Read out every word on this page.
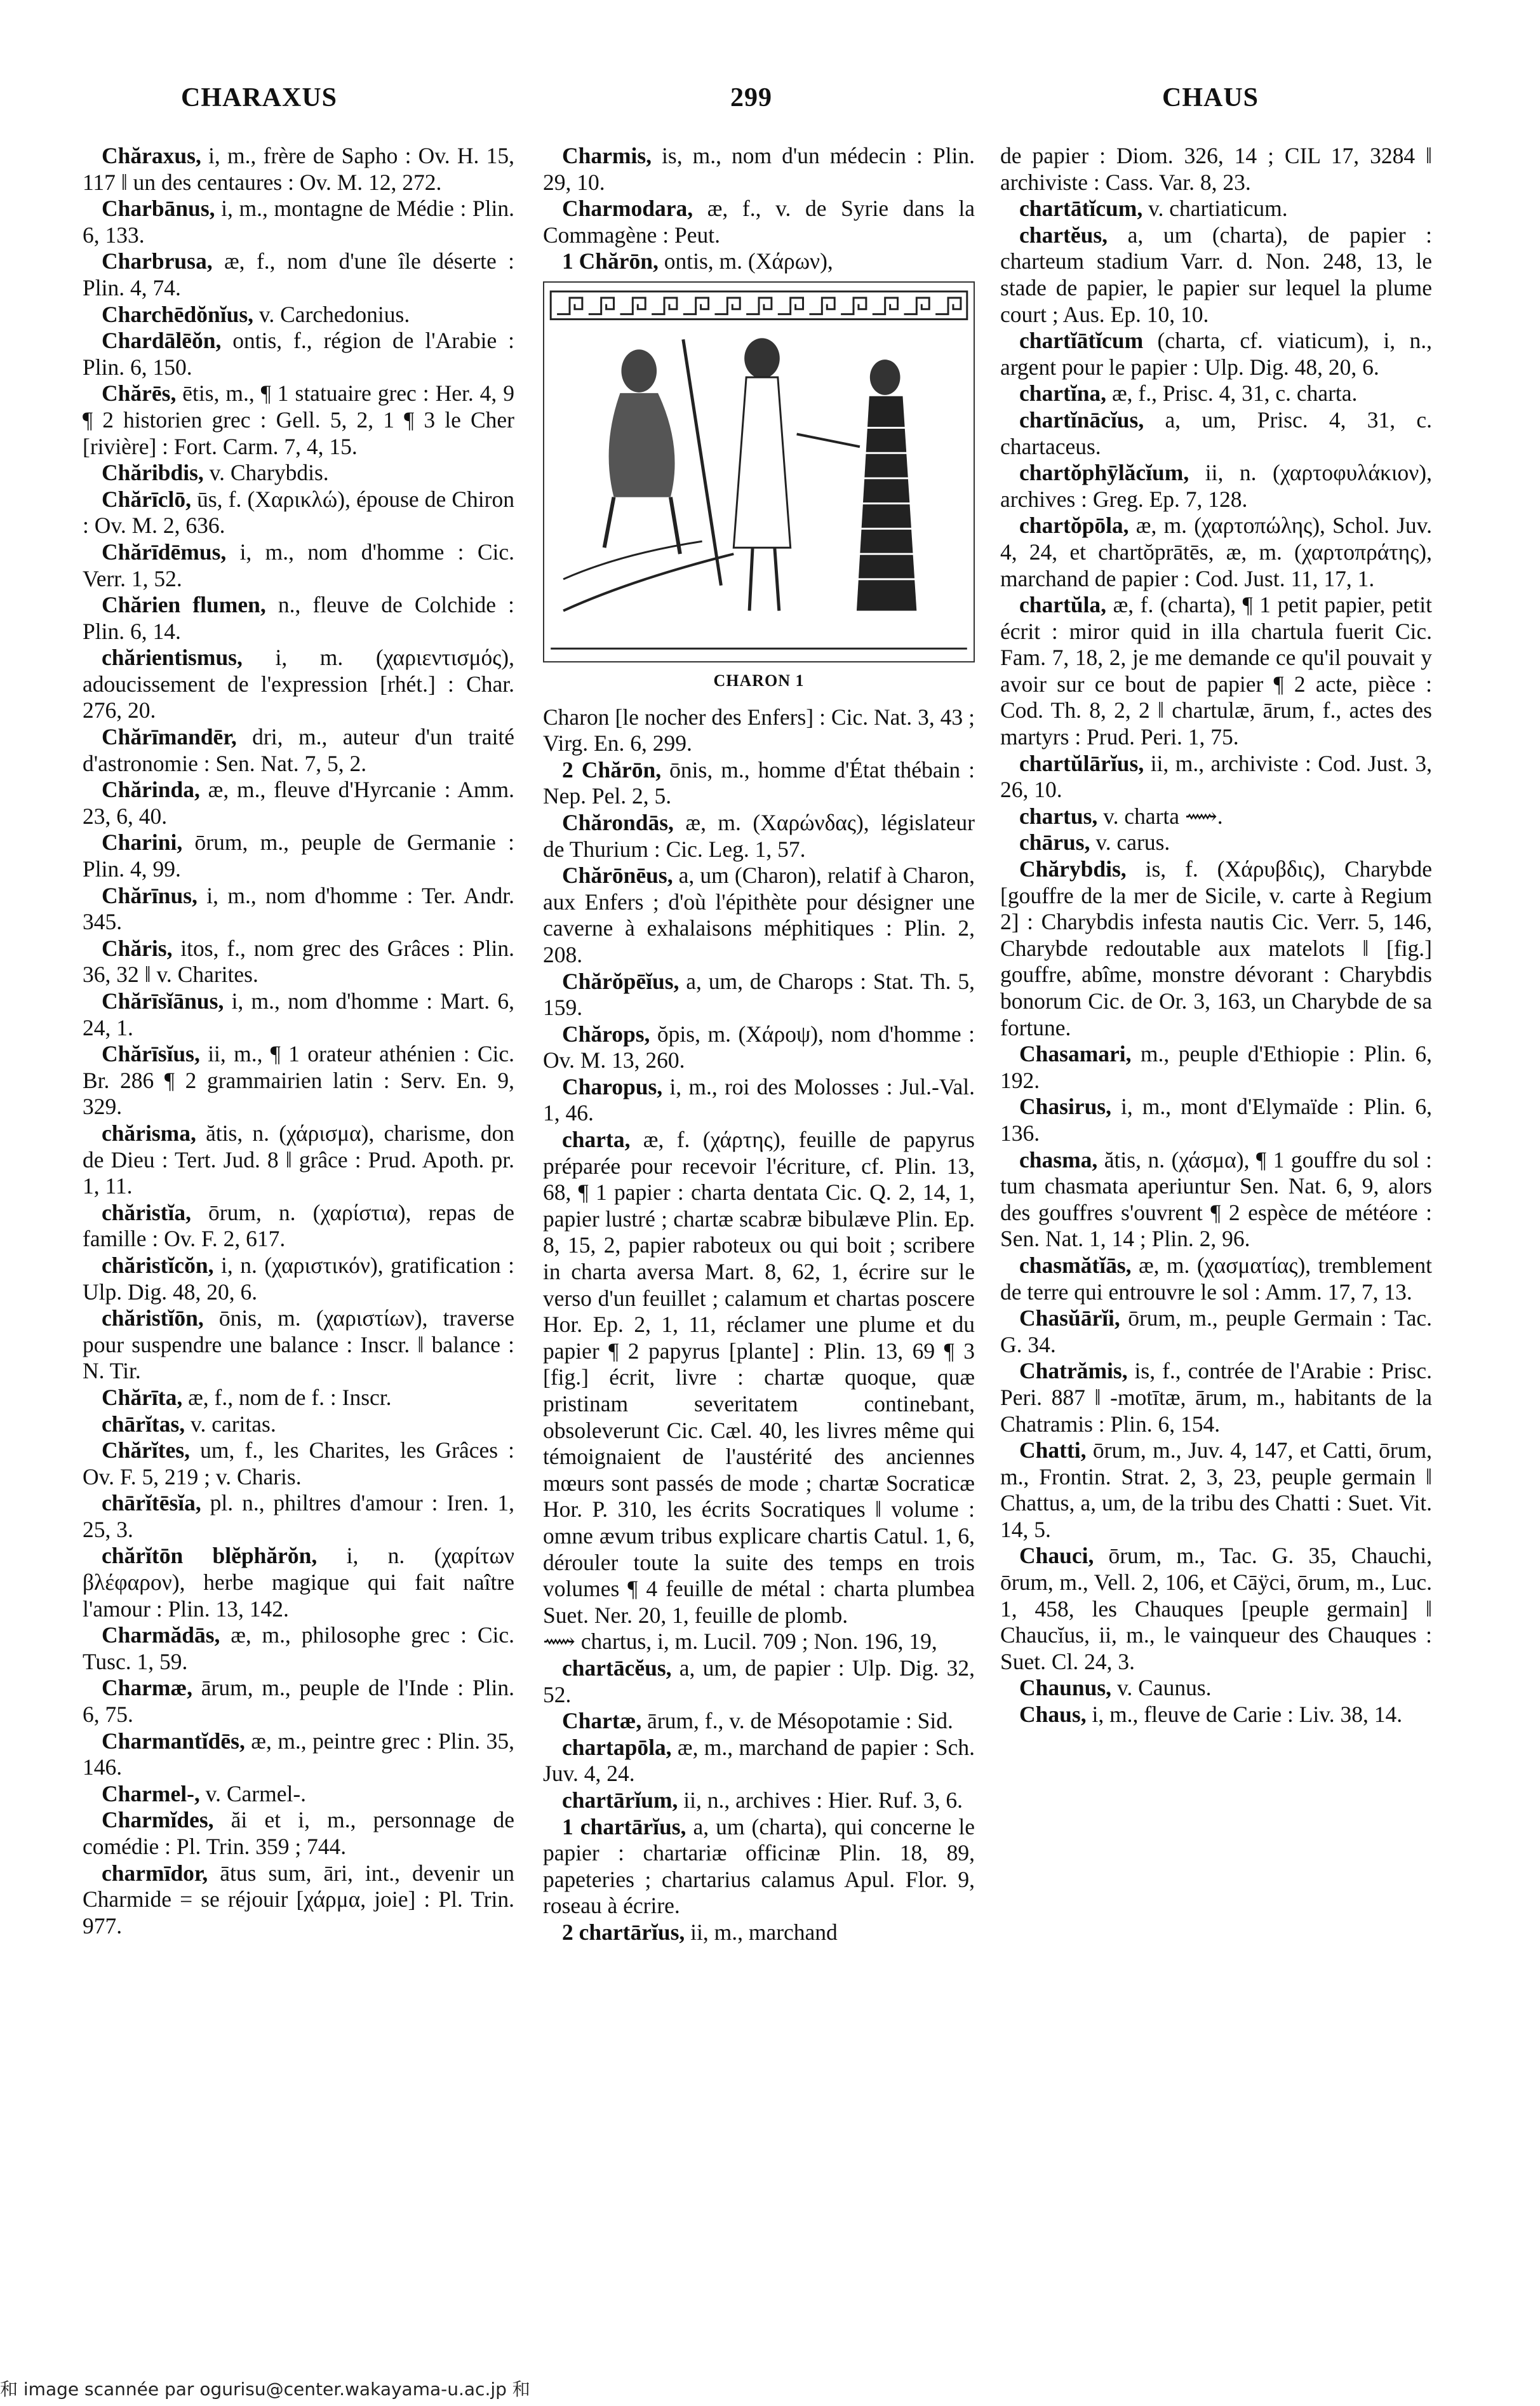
CHARAXUS	299	CHAUS

Chăraxus, i, m., frère de Sapho : Ov. H. 15, 117 ‖ un des centaures : Ov. M. 12, 272.

Charbānus, i, m., montagne de Médie : Plin. 6, 133.

Charbrusa, æ, f., nom d'une île déserte : Plin. 4, 74.

Charchēdŏnĭus, v. Carchedonius.

Chardālēŏn, ontis, f., région de l'Arabie : Plin. 6, 150.

Chărēs, ētis, m., ¶ 1 statuaire grec : Her. 4, 9 ¶ 2 historien grec : Gell. 5, 2, 1 ¶ 3 le Cher [rivière] : Fort. Carm. 7, 4, 15.

Chăribdis, v. Charybdis.

Chărīclō, ūs, f. (Χαρικλώ), épouse de Chiron : Ov. M. 2, 636.

Chărīdēmus, i, m., nom d'homme : Cic. Verr. 1, 52.

Chărien flumen, n., fleuve de Colchide : Plin. 6, 14.

chărientismus, i, m. (χαριεντισμός), adoucissement de l'expression [rhét.] : Char. 276, 20.

Chărīmandēr, dri, m., auteur d'un traité d'astronomie : Sen. Nat. 7, 5, 2.

Chărinda, æ, m., fleuve d'Hyrcanie : Amm. 23, 6, 40.

Charini, ōrum, m., peuple de Germanie : Plin. 4, 99.

Chărīnus, i, m., nom d'homme : Ter. Andr. 345.

Chăris, itos, f., nom grec des Grâces : Plin. 36, 32 ‖ v. Charites.

Chărīsĭānus, i, m., nom d'homme : Mart. 6, 24, 1.

Chărīsĭus, ii, m., ¶ 1 orateur athénien : Cic. Br. 286 ¶ 2 grammairien latin : Serv. En. 9, 329.

chărisma, ătis, n. (χάρισμα), charisme, don de Dieu : Tert. Jud. 8 ‖ grâce : Prud. Apoth. pr. 1, 11.

chăristĭa, ōrum, n. (χαρίστια), repas de famille : Ov. F. 2, 617.

chăristĭcŏn, i, n. (χαριστικόν), gratification : Ulp. Dig. 48, 20, 6.

chăristĭōn, ōnis, m. (χαριστίων), traverse pour suspendre une balance : Inscr. ‖ balance : N. Tir.

Chărīta, æ, f., nom de f. : Inscr.

chārĭtas, v. caritas.

Chărĭtes, um, f., les Charites, les Grâces : Ov. F. 5, 219 ; v. Charis.

chārĭtēsĭa, pl. n., philtres d'amour : Iren. 1, 25, 3.

chărĭtōn blĕphărŏn, i, n. (χαρίτων βλέφαρον), herbe magique qui fait naître l'amour : Plin. 13, 142.

Charmădās, æ, m., philosophe grec : Cic. Tusc. 1, 59.

Charmæ, ārum, m., peuple de l'Inde : Plin. 6, 75.

Charmantĭdēs, æ, m., peintre grec : Plin. 35, 146.

Charmel-, v. Carmel-.

Charmĭdes, ăi et i, m., personnage de comédie : Pl. Trin. 359 ; 744.

charmīdor, ātus sum, āri, int., devenir un Charmide = se réjouir [χάρμα, joie] : Pl. Trin. 977.

Charmis, is, m., nom d'un médecin : Plin. 29, 10.

Charmodara, æ, f., v. de Syrie dans la Commagène : Peut.

1 Chărōn, ontis, m. (Χάρων),

CHARON 1

Charon [le nocher des Enfers] : Cic. Nat. 3, 43 ; Virg. En. 6, 299.

2 Chărōn, ōnis, m., homme d'État thébain : Nep. Pel. 2, 5.

Chărondās, æ, m. (Χαρώνδας), législateur de Thurium : Cic. Leg. 1, 57.

Chărōnēus, a, um (Charon), relatif à Charon, aux Enfers ; d'où l'épithète pour désigner une caverne à exhalaisons méphitiques : Plin. 2, 208.

Chărŏpēĭus, a, um, de Charops : Stat. Th. 5, 159.

Chărops, ŏpis, m. (Χάροψ), nom d'homme : Ov. M. 13, 260.

Charopus, i, m., roi des Molosses : Jul.-Val. 1, 46.

charta, æ, f. (χάρτης), feuille de papyrus préparée pour recevoir l'écriture, cf. Plin. 13, 68, ¶ 1 papier : charta dentata Cic. Q. 2, 14, 1, papier lustré ; chartæ scabræ bibulæve Plin. Ep. 8, 15, 2, papier raboteux ou qui boit ; scribere in charta aversa Mart. 8, 62, 1, écrire sur le verso d'un feuillet ; calamum et chartas poscere Hor. Ep. 2, 1, 11, réclamer une plume et du papier ¶ 2 papyrus [plante] : Plin. 13, 69 ¶ 3 [fig.] écrit, livre : chartæ quoque, quæ pristinam severitatem continebant, obsoleverunt Cic. Cæl. 40, les livres même qui témoignaient de l'austérité des anciennes mœurs sont passés de mode ; chartæ Socraticæ Hor. P. 310, les écrits Socratiques ‖ volume : omne ævum tribus explicare chartis Catul. 1, 6, dérouler toute la suite des temps en trois volumes ¶ 4 feuille de métal : charta plumbea Suet. Ner. 20, 1, feuille de plomb.

⟿ chartus, i, m. Lucil. 709 ; Non. 196, 19,

chartācĕus, a, um, de papier : Ulp. Dig. 32, 52.

Chartæ, ārum, f., v. de Mésopotamie : Sid.

chartapōla, æ, m., marchand de papier : Sch. Juv. 4, 24.

chartārĭum, ii, n., archives : Hier. Ruf. 3, 6.

1 chartārĭus, a, um (charta), qui concerne le papier : chartariæ officinæ Plin. 18, 89, papeteries ; chartarius calamus Apul. Flor. 9, roseau à écrire.

2 chartārĭus, ii, m., marchand

de papier : Diom. 326, 14 ; CIL 17, 3284 ‖ archiviste : Cass. Var. 8, 23.

chartātĭcum, v. chartiaticum.

chartĕus, a, um (charta), de papier : charteum stadium Varr. d. Non. 248, 13, le stade de papier, le papier sur lequel la plume court ; Aus. Ep. 10, 10.

chartĭātĭcum (charta, cf. viaticum), i, n., argent pour le papier : Ulp. Dig. 48, 20, 6.

chartĭna, æ, f., Prisc. 4, 31, c. charta.

chartĭnācĭus, a, um, Prisc. 4, 31, c. chartaceus.

chartŏphȳlăcĭum, ii, n. (χαρτοφυλάκιον), archives : Greg. Ep. 7, 128.

chartŏpōla, æ, m. (χαρτοπώλης), Schol. Juv. 4, 24, et chartŏprātēs, æ, m. (χαρτοπράτης), marchand de papier : Cod. Just. 11, 17, 1.

chartŭla, æ, f. (charta), ¶ 1 petit papier, petit écrit : miror quid in illa chartula fuerit Cic. Fam. 7, 18, 2, je me demande ce qu'il pouvait y avoir sur ce bout de papier ¶ 2 acte, pièce : Cod. Th. 8, 2, 2 ‖ chartulæ, ārum, f., actes des martyrs : Prud. Peri. 1, 75.

chartŭlārĭus, ii, m., archiviste : Cod. Just. 3, 26, 10.

chartus, v. charta ⟿.

chārus, v. carus.

Chărybdis, is, f. (Χάρυβδις), Charybde [gouffre de la mer de Sicile, v. carte à Regium 2] : Charybdis infesta nautis Cic. Verr. 5, 146, Charybde redoutable aux matelots ‖ [fig.] gouffre, abîme, monstre dévorant : Charybdis bonorum Cic. de Or. 3, 163, un Charybde de sa fortune.

Chasamari, m., peuple d'Ethiopie : Plin. 6, 192.

Chasirus, i, m., mont d'Elymaïde : Plin. 6, 136.

chasma, ătis, n. (χάσμα), ¶ 1 gouffre du sol : tum chasmata aperiuntur Sen. Nat. 6, 9, alors des gouffres s'ouvrent ¶ 2 espèce de météore : Sen. Nat. 1, 14 ; Plin. 2, 96.

chasmătĭās, æ, m. (χασματίας), tremblement de terre qui entrouvre le sol : Amm. 17, 7, 13.

Chasŭārĭi, ōrum, m., peuple Germain : Tac. G. 34.

Chatrămis, is, f., contrée de l'Arabie : Prisc. Peri. 887 ‖ -motītæ, ārum, m., habitants de la Chatramis : Plin. 6, 154.

Chatti, ōrum, m., Juv. 4, 147, et Catti, ōrum, m., Frontin. Strat. 2, 3, 23, peuple germain ‖ Chattus, a, um, de la tribu des Chatti : Suet. Vit. 14, 5.

Chauci, ōrum, m., Tac. G. 35, Chauchi, ōrum, m., Vell. 2, 106, et Cāÿci, ōrum, m., Luc. 1, 458, les Chauques [peuple germain] ‖ Chaucĭus, ii, m., le vainqueur des Chauques : Suet. Cl. 24, 3.

Chaunus, v. Caunus.

Chaus, i, m., fleuve de Carie : Liv. 38, 14.

和 image scannée par ogurisu@center.wakayama-u.ac.jp 和
